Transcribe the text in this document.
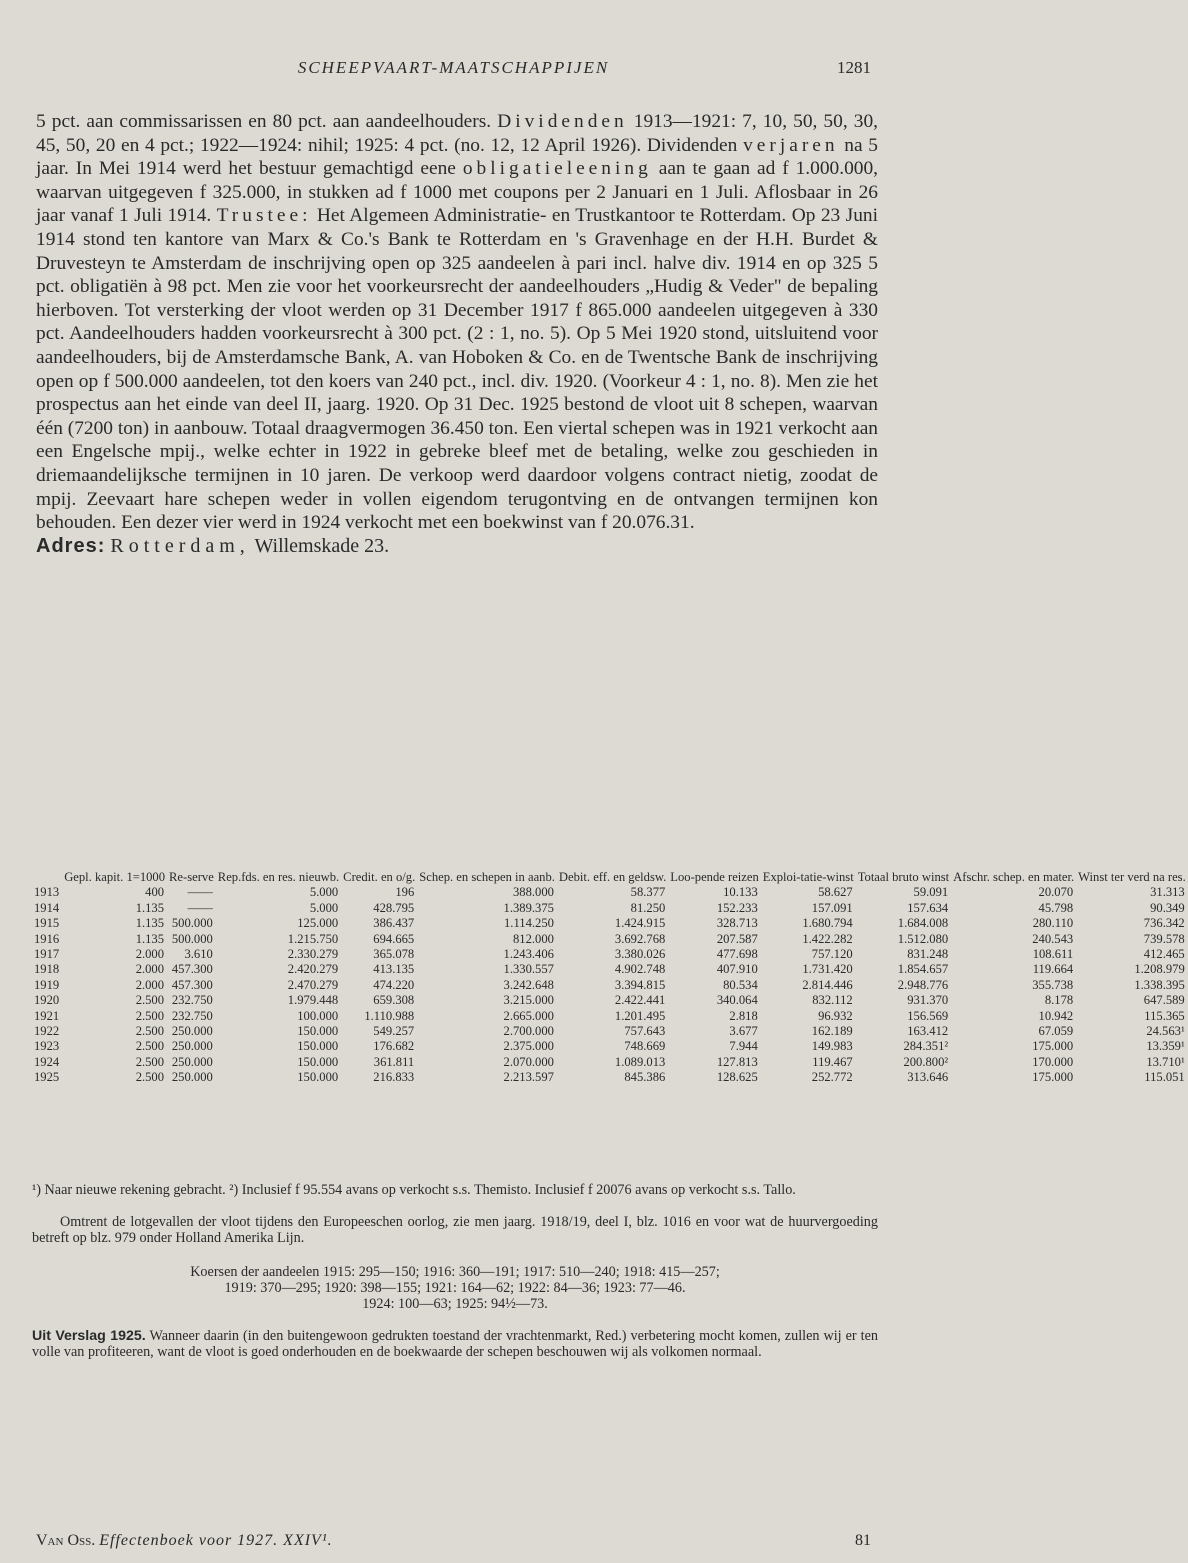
SCHEEPVAART-MAATSCHAPPIJEN	1281

5 pct. aan commissarissen en 80 pct. aan aandeelhouders. Dividenden 1913—1921: 7, 10, 50, 50, 30, 45, 50, 20 en 4 pct.; 1922—1924: nihil; 1925: 4 pct. (no. 12, 12 April 1926). Dividenden verjaren na 5 jaar. In Mei 1914 werd het bestuur gemachtigd eene obligatieleening aan te gaan ad f 1.000.000, waarvan uitgegeven f 325.000, in stukken ad f 1000 met coupons per 2 Januari en 1 Juli. Aflosbaar in 26 jaar vanaf 1 Juli 1914. Trustee: Het Algemeen Administratie- en Trustkantoor te Rotterdam. Op 23 Juni 1914 stond ten kantore van Marx & Co.'s Bank te Rotterdam en 's Gravenhage en der H.H. Burdet & Druvesteyn te Amsterdam de inschrijving open op 325 aandeelen à pari incl. halve div. 1914 en op 325 5 pct. obligatiën à 98 pct. Men zie voor het voorkeursrecht der aandeelhouders „Hudig & Veder" de bepaling hierboven. Tot versterking der vloot werden op 31 December 1917 f 865.000 aandeelen uitgegeven à 330 pct. Aandeelhouders hadden voorkeursrecht à 300 pct. (2 : 1, no. 5). Op 5 Mei 1920 stond, uitsluitend voor aandeelhouders, bij de Amsterdamsche Bank, A. van Hoboken & Co. en de Twentsche Bank de inschrijving open op f 500.000 aandeelen, tot den koers van 240 pct., incl. div. 1920. (Voorkeur 4 : 1, no. 8). Men zie het prospectus aan het einde van deel II, jaarg. 1920. Op 31 Dec. 1925 bestond de vloot uit 8 schepen, waarvan één (7200 ton) in aanbouw. Totaal draagvermogen 36.450 ton. Een viertal schepen was in 1921 verkocht aan een Engelsche mpij., welke echter in 1922 in gebreke bleef met de betaling, welke zou geschieden in driemaandelijksche termijnen in 10 jaren. De verkoop werd daardoor volgens contract nietig, zoodat de mpij. Zeevaart hare schepen weder in vollen eigendom terugontving en de ontvangen termijnen kon behouden. Een dezer vier werd in 1924 verkocht met een boekwinst van f 20.076.31.

Adres: Rotterdam, Willemskade 23.

	Gepl. kapit. 1=1000	Re-serve	Rep.fds. en res. nieuwb.	Credit. en o/g.	Schep. en schepen in aanb.	Debit. eff. en geldsw.	Loo-pende reizen	Exploi-tatie-winst	Totaal bruto winst	Afschr. schep. en mater.	Winst ter verd na res.
1913	400	——	5.000	196	388.000	58.377	10.133	58.627	59.091	20.070	31.313
1914	1.135	——	5.000	428.795	1.389.375	81.250	152.233	157.091	157.634	45.798	90.349
1915	1.135	500.000	125.000	386.437	1.114.250	1.424.915	328.713	1.680.794	1.684.008	280.110	736.342
1916	1.135	500.000	1.215.750	694.665	812.000	3.692.768	207.587	1.422.282	1.512.080	240.543	739.578
1917	2.000	3.610	2.330.279	365.078	1.243.406	3.380.026	477.698	757.120	831.248	108.611	412.465
1918	2.000	457.300	2.420.279	413.135	1.330.557	4.902.748	407.910	1.731.420	1.854.657	119.664	1.208.979
1919	2.000	457.300	2.470.279	474.220	3.242.648	3.394.815	80.534	2.814.446	2.948.776	355.738	1.338.395
1920	2.500	232.750	1.979.448	659.308	3.215.000	2.422.441	340.064	832.112	931.370	8.178	647.589
1921	2.500	232.750	100.000	1.110.988	2.665.000	1.201.495	2.818	96.932	156.569	10.942	115.365
1922	2.500	250.000	150.000	549.257	2.700.000	757.643	3.677	162.189	163.412	67.059	24.563¹
1923	2.500	250.000	150.000	176.682	2.375.000	748.669	7.944	149.983	284.351²	175.000	13.359¹
1924	2.500	250.000	150.000	361.811	2.070.000	1.089.013	127.813	119.467	200.800²	170.000	13.710¹
1925	2.500	250.000	150.000	216.833	2.213.597	845.386	128.625	252.772	313.646	175.000	115.051

¹) Naar nieuwe rekening gebracht. ²) Inclusief f 95.554 avans op verkocht s.s. Themisto. Inclusief f 20076 avans op verkocht s.s. Tallo.

Omtrent de lotgevallen der vloot tijdens den Europeeschen oorlog, zie men jaarg. 1918/19, deel I, blz. 1016 en voor wat de huurvergoeding betreft op blz. 979 onder Holland Amerika Lijn.

Koersen der aandeelen 1915: 295—150; 1916: 360—191; 1917: 510—240; 1918: 415—257;
1919: 370—295; 1920: 398—155; 1921: 164—62; 1922: 84—36; 1923: 77—46.
1924: 100—63; 1925: 94½—73.

Uit Verslag 1925. Wanneer daarin (in den buitengewoon gedrukten toestand der vrachtenmarkt, Red.) verbetering mocht komen, zullen wij er ten volle van profiteeren, want de vloot is goed onderhouden en de boekwaarde der schepen beschouwen wij als volkomen normaal.

Van Oss. Effectenboek voor 1927. XXIV¹.	81
